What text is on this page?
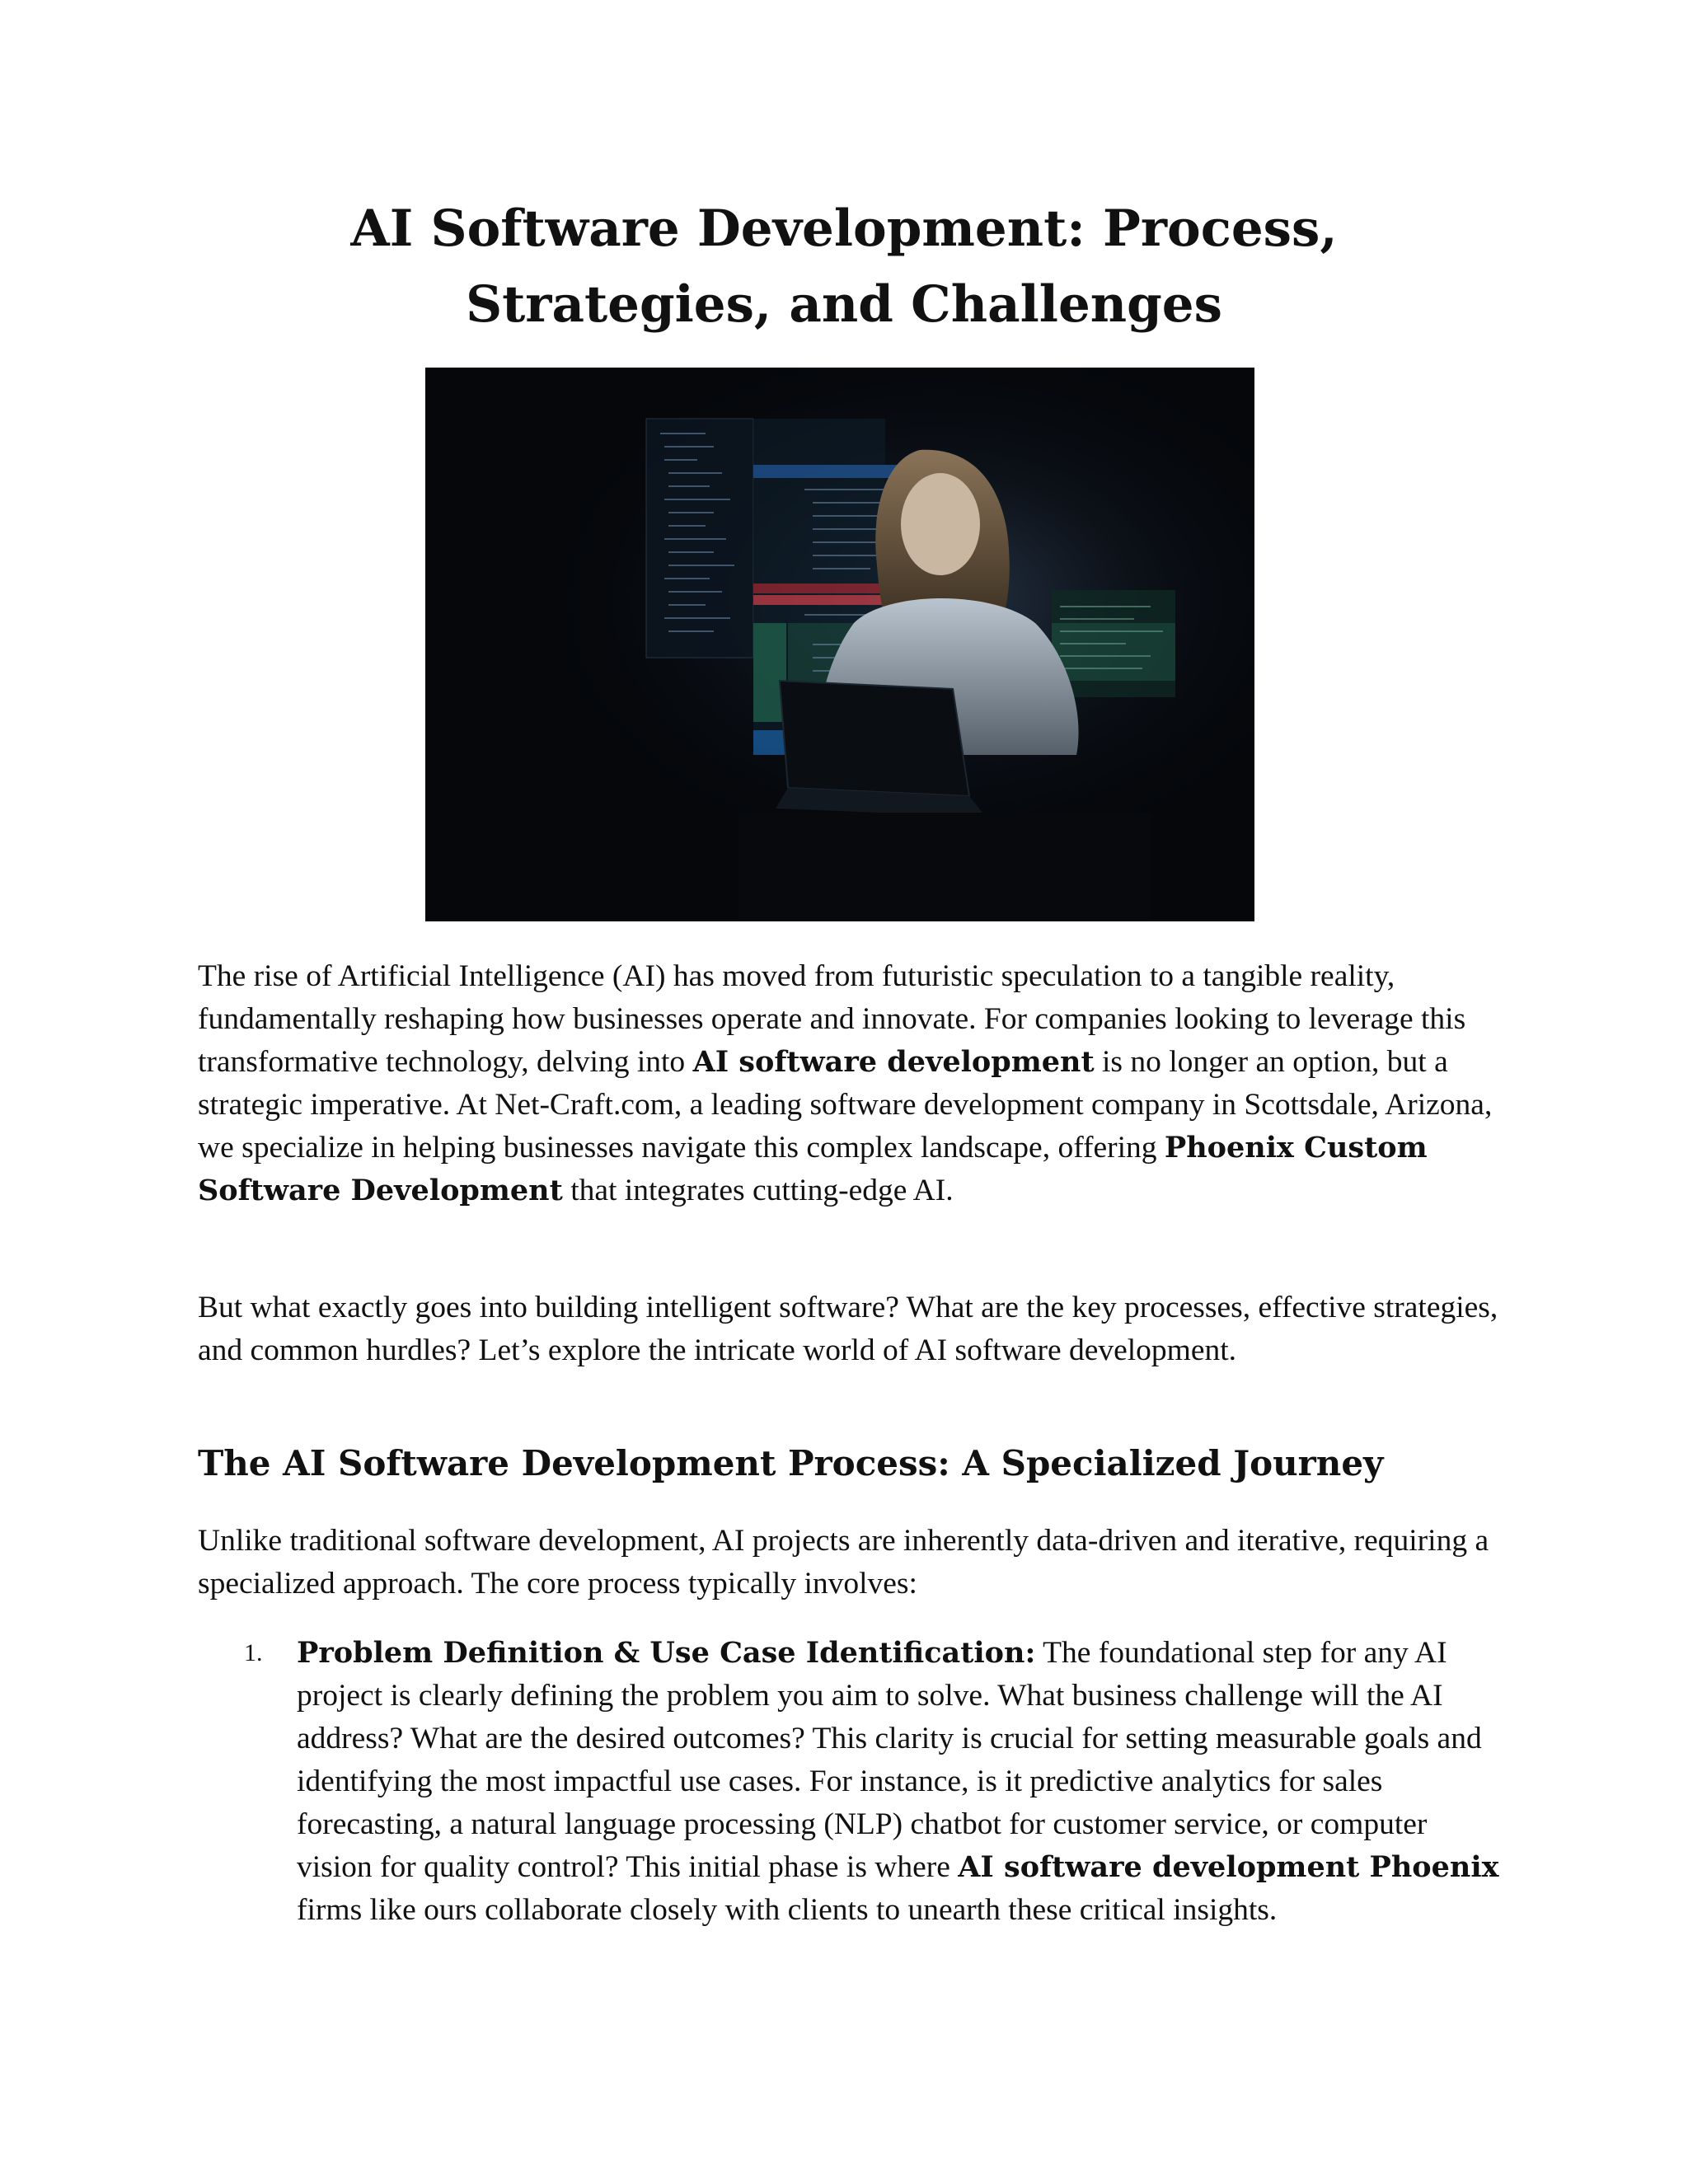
AI Software Development: Process,
Strategies, and Challenges

The rise of Artificial Intelligence (AI) has moved from futuristic speculation to a tangible reality, fundamentally reshaping how businesses operate and innovate. For companies looking to leverage this transformative technology, delving into AI software development is no longer an option, but a strategic imperative. At Net-Craft.com, a leading software development company in Scottsdale, Arizona, we specialize in helping businesses navigate this complex landscape, offering Phoenix Custom Software Development that integrates cutting-edge AI.

But what exactly goes into building intelligent software? What are the key processes, effective strategies, and common hurdles? Let’s explore the intricate world of AI software development.

The AI Software Development Process: A Specialized Journey

Unlike traditional software development, AI projects are inherently data-driven and iterative, requiring a specialized approach. The core process typically involves:

1. Problem Definition & Use Case Identification: The foundational step for any AI project is clearly defining the problem you aim to solve. What business challenge will the AI address? What are the desired outcomes? This clarity is crucial for setting measurable goals and identifying the most impactful use cases. For instance, is it predictive analytics for sales forecasting, a natural language processing (NLP) chatbot for customer service, or computer vision for quality control? This initial phase is where AI software development Phoenix firms like ours collaborate closely with clients to unearth these critical insights.
